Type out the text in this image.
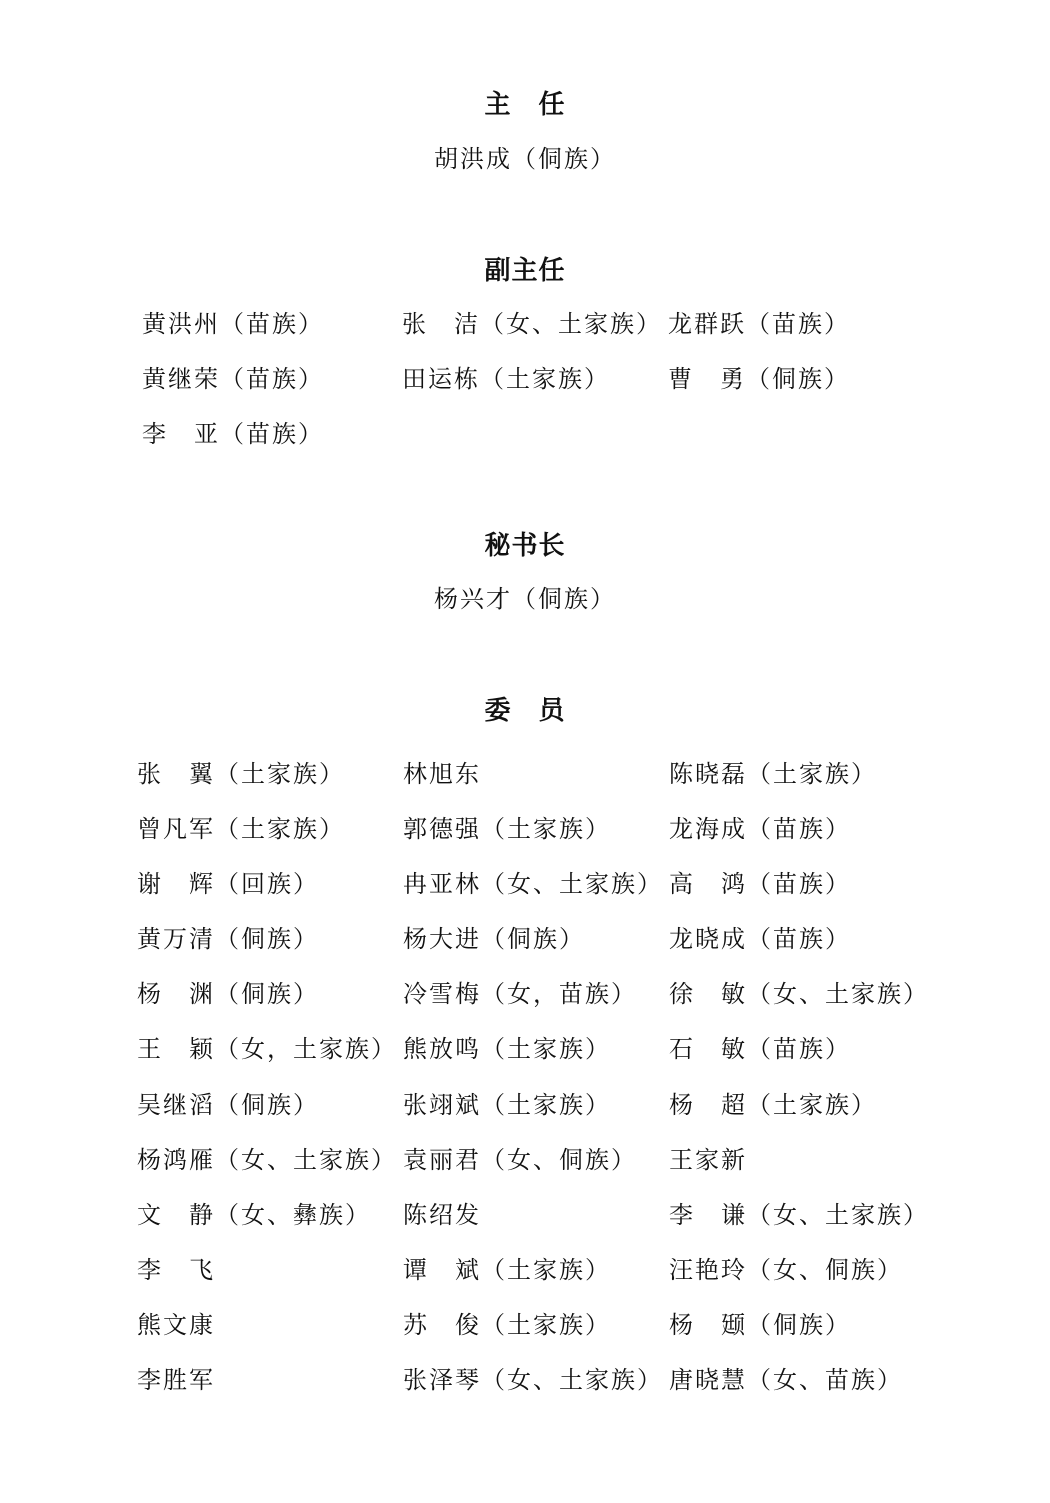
主　任
胡洪成（侗族）
副主任
黄洪州（苗族）	张　洁（女、土家族） 龙群跃（苗族）
黄继荣（苗族）	田运栋（土家族） 曹　勇（侗族）
李　亚（苗族）
秘书长
杨兴才（侗族）
委　员
张　翼（土家族） 林旭东	陈晓磊（土家族）
曾凡军（土家族） 郭德强（土家族） 龙海成（苗族）
谢　辉（回族）	冉亚林（女、土家族） 高　鸿（苗族）
黄万清（侗族）	杨大进（侗族）	龙晓成（苗族）
杨　渊（侗族）	冷雪梅（女，苗族） 徐　敏（女、土家族）
王　颖（女，土家族） 熊放鸣（土家族） 石　敏（苗族）
吴继滔（侗族）	张翊斌（土家族） 杨　超（土家族）
杨鸿雁（女、土家族） 袁丽君（女、侗族） 王家新
文　静（女、彝族） 陈绍发	李　谦（女、土家族）
李　飞	谭　斌（土家族） 汪艳玲（女、侗族）
熊文康	苏　俊（土家族） 杨　颋（侗族）
李胜军	张泽琴（女、土家族） 唐晓慧（女、苗族）
